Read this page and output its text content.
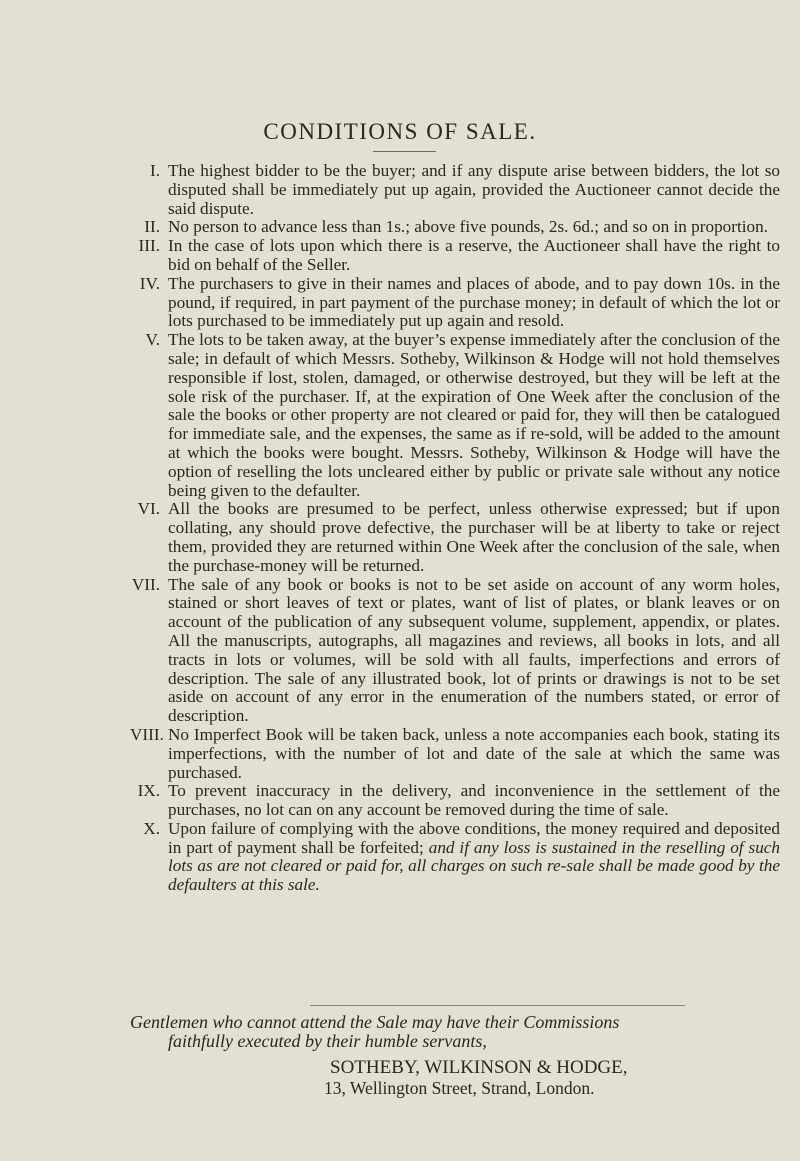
CONDITIONS OF SALE.
I. The highest bidder to be the buyer; and if any dispute arise between bidders, the lot so disputed shall be immediately put up again, provided the Auctioneer cannot decide the said dispute.
II. No person to advance less than 1s.; above five pounds, 2s. 6d.; and so on in proportion.
III. In the case of lots upon which there is a reserve, the Auctioneer shall have the right to bid on behalf of the Seller.
IV. The purchasers to give in their names and places of abode, and to pay down 10s. in the pound, if required, in part payment of the purchase money; in default of which the lot or lots purchased to be immediately put up again and resold.
V. The lots to be taken away, at the buyer’s expense immediately after the conclusion of the sale; in default of which Messrs. Sotheby, Wilkinson & Hodge will not hold themselves responsible if lost, stolen, damaged, or otherwise destroyed, but they will be left at the sole risk of the purchaser. If, at the expiration of One Week after the conclusion of the sale the books or other property are not cleared or paid for, they will then be catalogued for immediate sale, and the expenses, the same as if re-sold, will be added to the amount at which the books were bought. Messrs. Sotheby, Wilkinson & Hodge will have the option of reselling the lots uncleared either by public or private sale without any notice being given to the defaulter.
VI. All the books are presumed to be perfect, unless otherwise expressed; but if upon collating, any should prove defective, the purchaser will be at liberty to take or reject them, provided they are returned within One Week after the conclusion of the sale, when the purchase-money will be returned.
VII. The sale of any book or books is not to be set aside on account of any worm holes, stained or short leaves of text or plates, want of list of plates, or blank leaves or on account of the publication of any subsequent volume, supplement, appendix, or plates. All the manuscripts, autographs, all magazines and reviews, all books in lots, and all tracts in lots or volumes, will be sold with all faults, imperfections and errors of description. The sale of any illustrated book, lot of prints or drawings is not to be set aside on account of any error in the enumeration of the numbers stated, or error of description.
VIII. No Imperfect Book will be taken back, unless a note accompanies each book, stating its imperfections, with the number of lot and date of the sale at which the same was purchased.
IX. To prevent inaccuracy in the delivery, and inconvenience in the settlement of the purchases, no lot can on any account be removed during the time of sale.
X. Upon failure of complying with the above conditions, the money required and deposited in part of payment shall be forfeited; and if any loss is sustained in the reselling of such lots as are not cleared or paid for, all charges on such re-sale shall be made good by the defaulters at this sale.
Gentlemen who cannot attend the Sale may have their Commissions
faithfully executed by their humble servants,
SOTHEBY, WILKINSON & HODGE,
13, Wellington Street, Strand, London.
